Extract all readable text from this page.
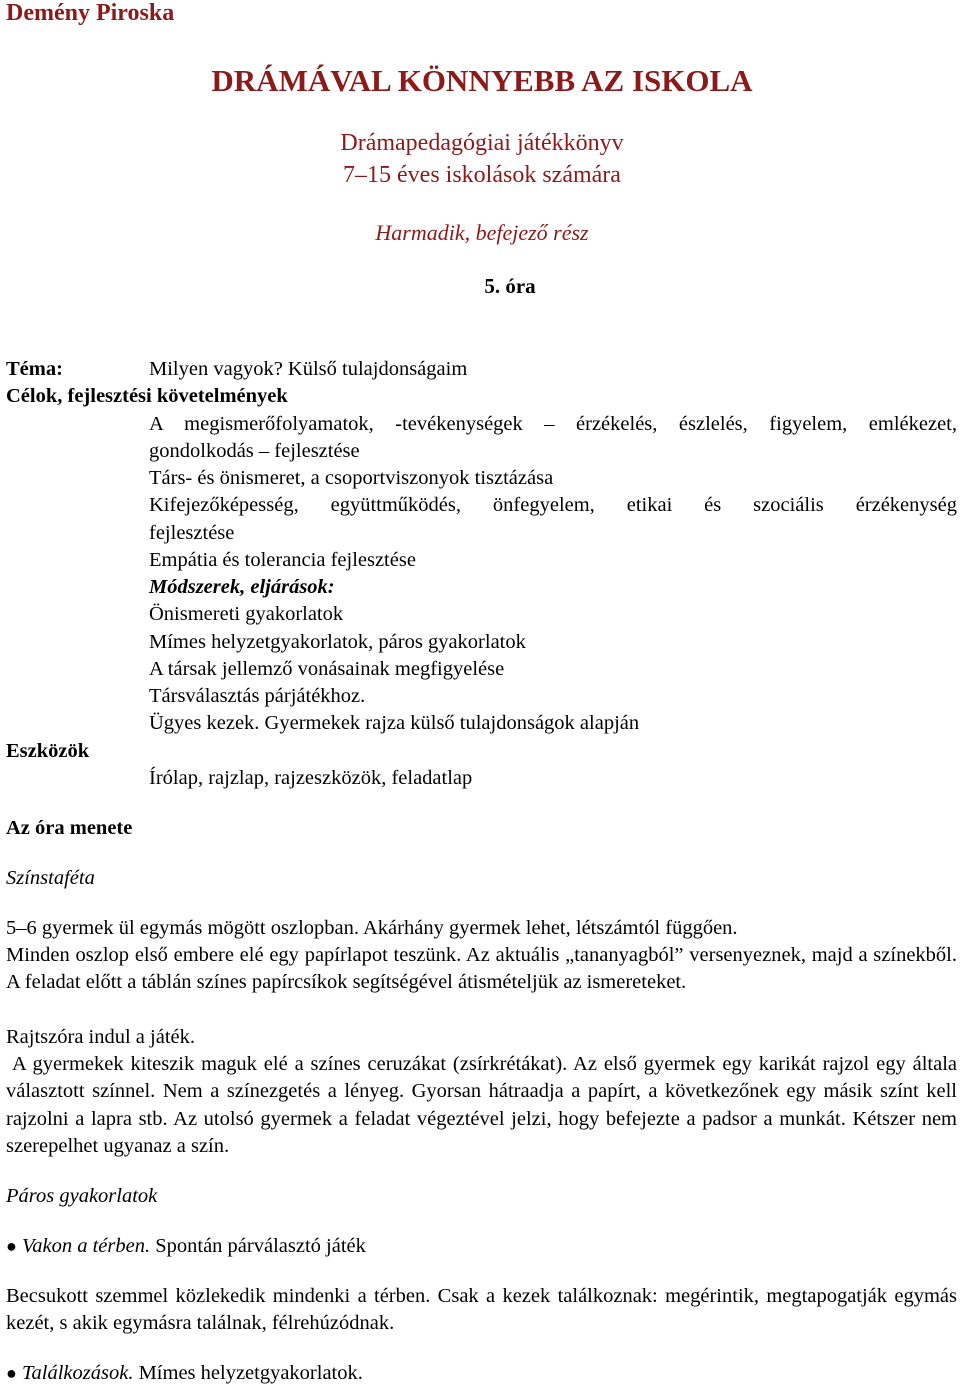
Demény Piroska
DRÁMÁVAL KÖNNYEBB AZ ISKOLA
Drámapedagógiai játékkönyv
7–15 éves iskolások számára
Harmadik, befejező rész
5. óra
Téma:	Milyen vagyok? Külső tulajdonságaim
Célok, fejlesztési követelmények
A megismerőfolyamatok, -tevékenységek – érzékelés, észlelés, figyelem, emlékezet,
gondolkodás – fejlesztése
Társ- és önismeret, a csoportviszonyok tisztázása
Kifejezőképesség, együttműködés, önfegyelem, etikai és szociális érzékenység
fejlesztése
Empátia és tolerancia fejlesztése
Módszerek, eljárások:
Önismereti gyakorlatok
Mímes helyzetgyakorlatok, páros gyakorlatok
A társak jellemző vonásainak megfigyelése
Társválasztás párjátékhoz.
Ügyes kezek. Gyermekek rajza külső tulajdonságok alapján
Eszközök
Írólap, rajzlap, rajzeszközök, feladatlap
Az óra menete
Színstaféta
5–6 gyermek ül egymás mögött oszlopban. Akárhány gyermek lehet, létszámtól függően.
Minden oszlop első embere elé egy papírlapot teszünk. Az aktuális „tananyagból” versenyeznek, majd a színekből. A feladat előtt a táblán színes papírcsíkok segítségével átismételjük az ismereteket.
Rajtszóra indul a játék.
A gyermekek kiteszik maguk elé a színes ceruzákat (zsírkrétákat). Az első gyermek egy karikát rajzol egy általa választott színnel. Nem a színezgetés a lényeg. Gyorsan hátraadja a papírt, a következőnek egy másik színt kell rajzolni a lapra stb. Az utolsó gyermek a feladat végeztével jelzi, hogy befejezte a padsor a munkát. Kétszer nem szerepelhet ugyanaz a szín.
Páros gyakorlatok
● Vakon a térben. Spontán párválasztó játék
Becsukott szemmel közlekedik mindenki a térben. Csak a kezek találkoznak: megérintik, megtapogatják egymás kezét, s akik egymásra találnak, félrehúzódnak.
● Találkozások. Mímes helyzetgyakorlatok.
